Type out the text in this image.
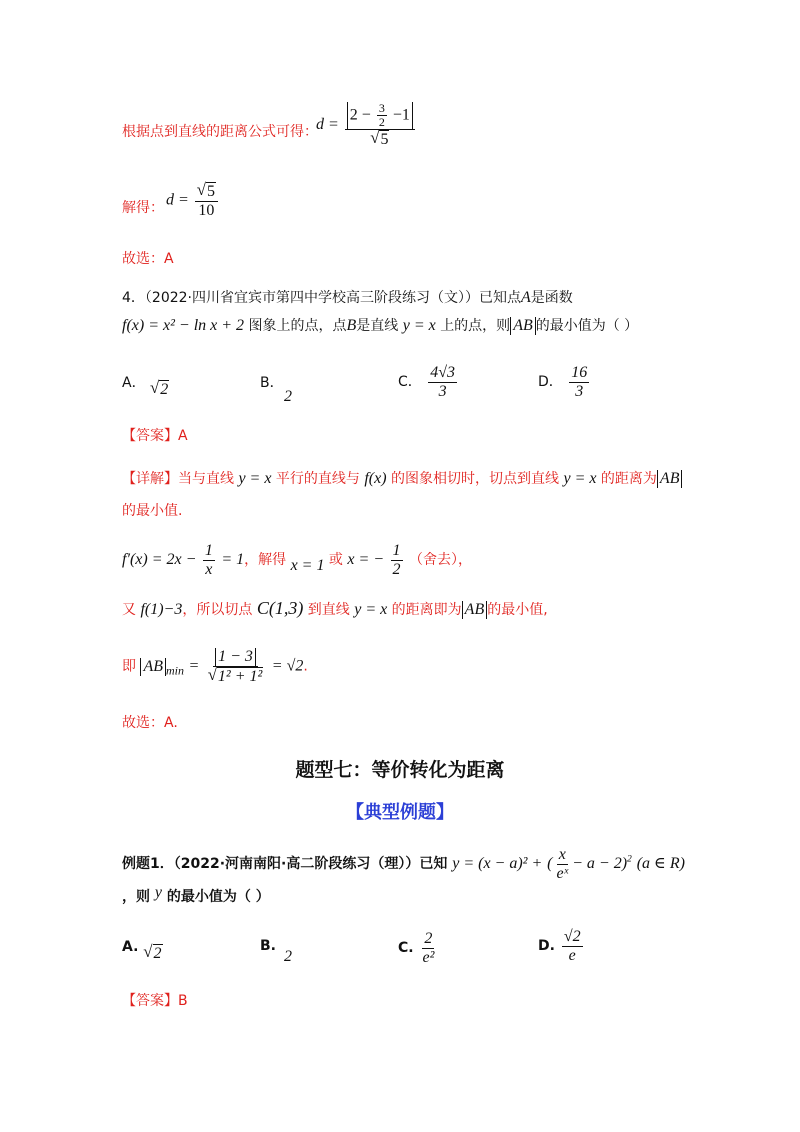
根据点到直线的距离公式可得：
$d = \frac{2 - \frac{3}{2} -1}{√ 5}$
解得： $d = \frac{√ 5}{10}$
故选：A
4．（2022·四川省宜宾市第四中学校高三阶段练习（文））已知点A是函数
f(x) = x² − ln x + 2 图象上的点，点B是直线 y = x 上的点，则 AB 的最小值为（ ）
A． √ 2	B．
2
C． $\frac{4√3}{3}$	D． $\frac{16}{3}$
【答案】A
【详解】当与直线 y = x 平行的直线与 f(x) 的图象相切时，切点到直线 y = x 的距离为 AB
的最小值.
$f'(x) = 2x - \frac{1}{x} = 1$，解得 x = 1 或 x = − $\frac{1}{2}$ （舍去），
又 f(1)−3，所以切点 C(1,3) 到直线 y = x 的距离即为 AB 的最小值,
即 AB $_{min} = \frac{1 - 3}{\text{√ 1² + 1²}} = √2$.
故选：A.
题型七：等价转化为距离
【典型例题】
例题1．（2022·河南南阳·高二阶段练习（理））已知 y = (x − a)² + ( $\frac{x}{\text{eˣ}} - a - 2)^2$ (a ∈ R)
，则 y 的最小值为（ ）
A. √ 2	B.
2	C. $\frac{2}{\text{e²}}$	D. $\frac{√2}{e}$
【答案】B
